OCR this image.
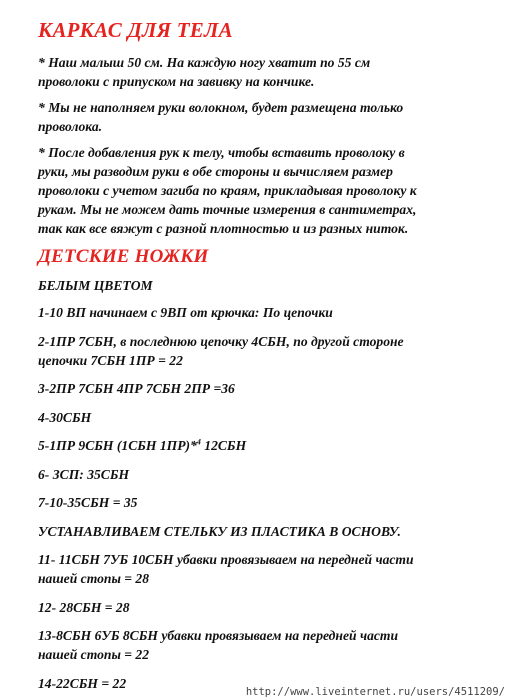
КАРКАС ДЛЯ ТЕЛА
* Наш малыш 50 см. На каждую ногу хватит по 55 см
проволоки с припуском на завивку на кончике.
* Мы не наполняем руки волокном, будет размещена только
проволока.
* После добавления рук к телу, чтобы вставить проволоку в
руки, мы разводим руки в обе стороны и вычисляем размер
проволоки с учетом загиба по краям, прикладывая проволоку к
рукам. Мы не можем дать точные измерения в сантиметрах,
так как все вяжут с разной плотностью и из разных ниток.
ДЕТСКИЕ НОЖКИ
БЕЛЫМ ЦВЕТОМ
1-10 ВП начинаем с 9ВП от крючка: По цепочки
2-1ПР 7СБН, в последнюю цепочку 4СБН, по другой стороне
цепочки 7СБН 1ПР = 22
3-2ПР 7СБН 4ПР 7СБН 2ПР =36
4-30СБН
5-1ПР 9СБН (1СБН 1ПР)*$^4$ 12СБН
6- ЗСП: 35СБН
7-10-35СБН = 35
УСТАНАВЛИВАЕМ СТЕЛЬКУ ИЗ ПЛАСТИКА В ОСНОВУ.
11- 11СБН 7УБ 10СБН убавки провязываем на передней части
нашей стопы = 28
12- 28СБН = 28
13-8СБН 6УБ 8СБН убавки провязываем на передней части
нашей стопы = 22
14-22СБН = 22
http://www.liveinternet.ru/users/4511209/
